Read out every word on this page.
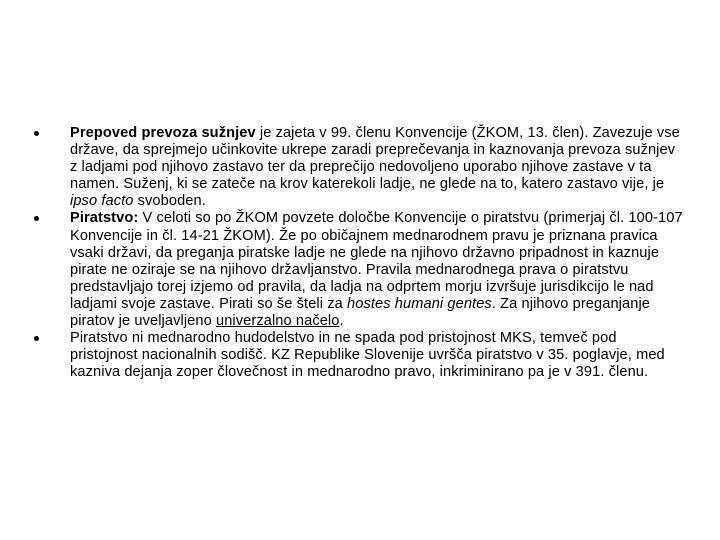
Prepoved prevoza sužnjev je zajeta v 99. členu Konvencije (ŽKOM, 13. člen). Zavezuje vse države, da sprejmejo učinkovite ukrepe zaradi preprečevanja in kaznovanja prevoza sužnjev z ladjami pod njihovo zastavo ter da preprečijo nedovoljeno uporabo njihove zastave v ta namen. Suženj, ki se zateče na krov katerekoli ladje, ne glede na to, katero zastavo vije, je ipso facto svoboden.
Piratstvo: V celoti so po ŽKOM povzete določbe Konvencije o piratstvu (primerjaj čl. 100-107 Konvencije in čl. 14-21 ŽKOM). Že po običajnem mednarodnem pravu je priznana pravica vsaki državi, da preganja piratske ladje ne glede na njihovo državno pripadnost in kaznuje pirate ne oziraje se na njihovo državljanstvo. Pravila mednarodnega prava o piratstvu predstavljajo torej izjemo od pravila, da ladja na odprtem morju izvršuje jurisdikcijo le nad ladjami svoje zastave. Pirati so še šteli za hostes humani gentes. Za njihovo preganjanje piratov je uveljavljeno univerzalno načelo.
Piratstvo ni mednarodno hudodelstvo in ne spada pod pristojnost MKS, temveč pod pristojnost nacionalnih sodišč. KZ Republike Slovenije uvršča piratstvo v 35. poglavje, med kazniva dejanja zoper človečnost in mednarodno pravo, inkriminirano pa je v 391. členu.
